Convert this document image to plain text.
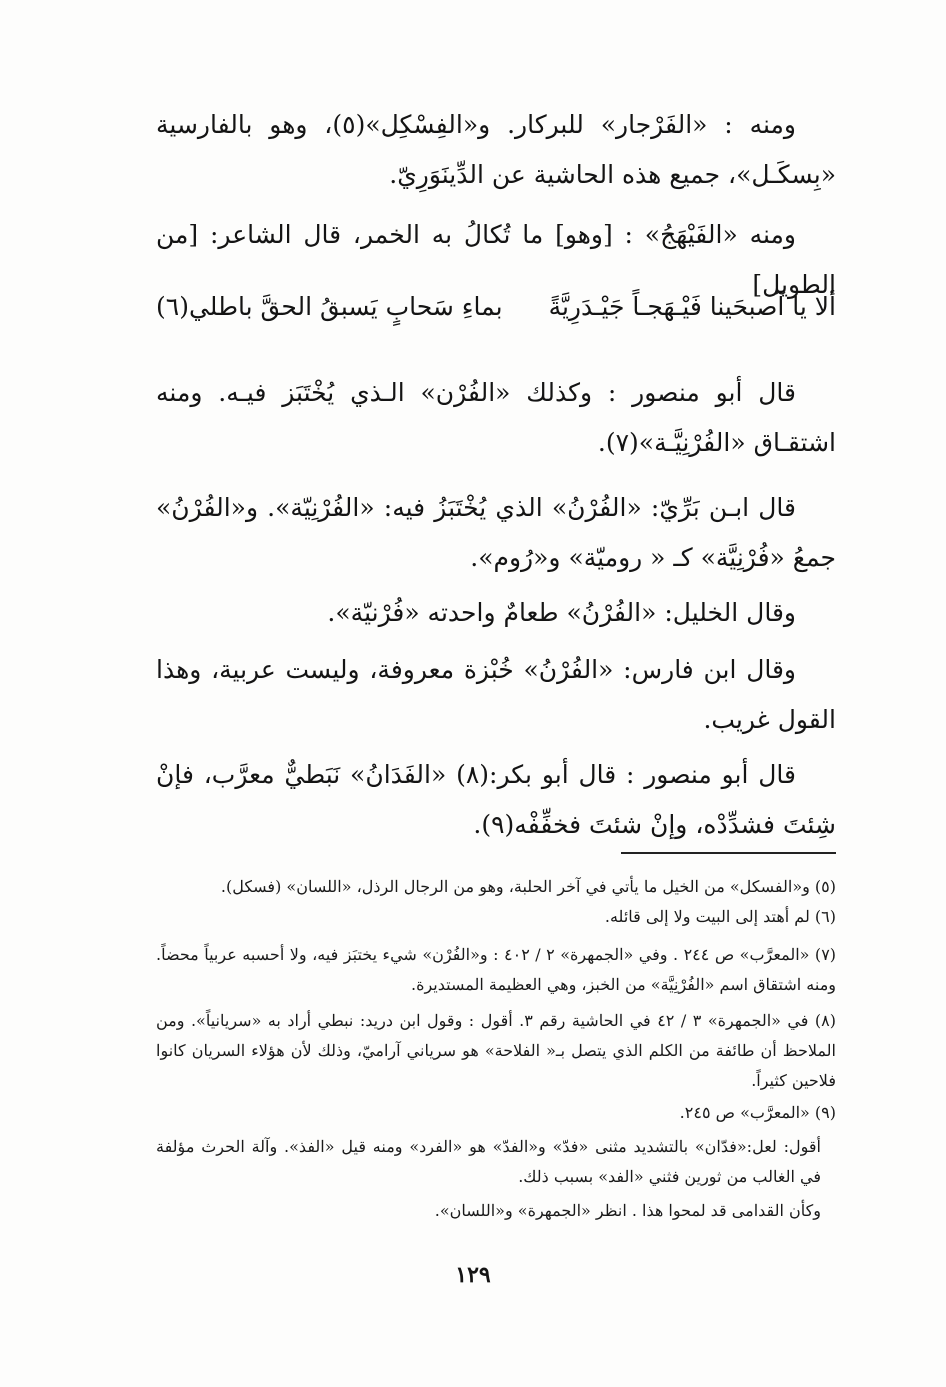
ومنه : «الفَرْجار» للبركار. و«الفِسْكِل»(٥)، وهو بالفارسية «بِسكَـل»، جميع هذه الحاشية عن الدِّينَوَرِيّ.
ومنه «الفَيْهَجُ» : [وهو] ما تُكالُ به الخمر، قال الشاعر: [من الطويل]
ألا يا آصبحَينا فَيْـهَجـاً جَيْـدَرِيَّةً
بماءِ سَحابٍ يَسبقُ الحقَّ باطلي(٦)
قال أبو منصور : وكذلك «الفُرْن» الـذي يُخْتَبَز فيـه. ومنه اشتقـاق «الفُرْنِيَّـة»(٧).
قال ابـن بَرِّيّ: «الفُرْنُ» الذي يُخْتَبَزُ فيه: «الفُرْنِيّة». و«الفُرْنُ» جمعُ «فُرْنِيَّة» كـ « روميّة» و«رُوم».
وقال الخليل: «الفُرْنُ» طعامٌ واحدته «فُرْنيّة».
وقال ابن فارس: «الفُرْنُ» خُبْزة معروفة، وليست عربية، وهذا القول غريب.
قال أبو منصور : قال أبو بكر:(٨) «الفَدَانُ» نَبَطيٌّ معرَّب، فإنْ شِئتَ فشدِّدْه، وإنْ شئتَ فخفِّفْه(٩).
(٥) و«الفسكل» من الخيل ما يأتي في آخر الحلبة، وهو من الرجال الرذل، «اللسان» (فسكل).
(٦) لم أهتد إلى البيت ولا إلى قائله.
(٧) «المعرَّب» ص ٢٤٤ . وفي «الجمهرة» ٢ / ٤٠٢ : و«الفُرْن» شيء يختبَز فيه، ولا أحسبه عربياً محضاً. ومنه اشتقاق اسم «الفُرْنِيَّة» من الخبز، وهي العظيمة المستديرة.
(٨) في «الجمهرة» ٣ / ٤٢ في الحاشية رقم ٣. أقول : وقول ابن دريد: نبطي أراد به «سريانياً». ومن الملاحظ أن طائفة من الكلم الذي يتصل بـ« الفلاحة» هو سرياني آراميّ، وذلك لأن هؤلاء السريان كانوا فلاحين كثيراً.
(٩) «المعرَّب» ص ٢٤٥.
أقول: لعل:«فدّان» بالتشديد مثنى «فدّ» و«الفدّ» هو «الفرد» ومنه قيل «الفذ». وآلة الحرث مؤلفة في الغالب من ثورين فثني «الفد» بسبب ذلك.
وكأن القدامى قد لمحوا هذا . انظر «الجمهرة» و«اللسان».
١٢٩
